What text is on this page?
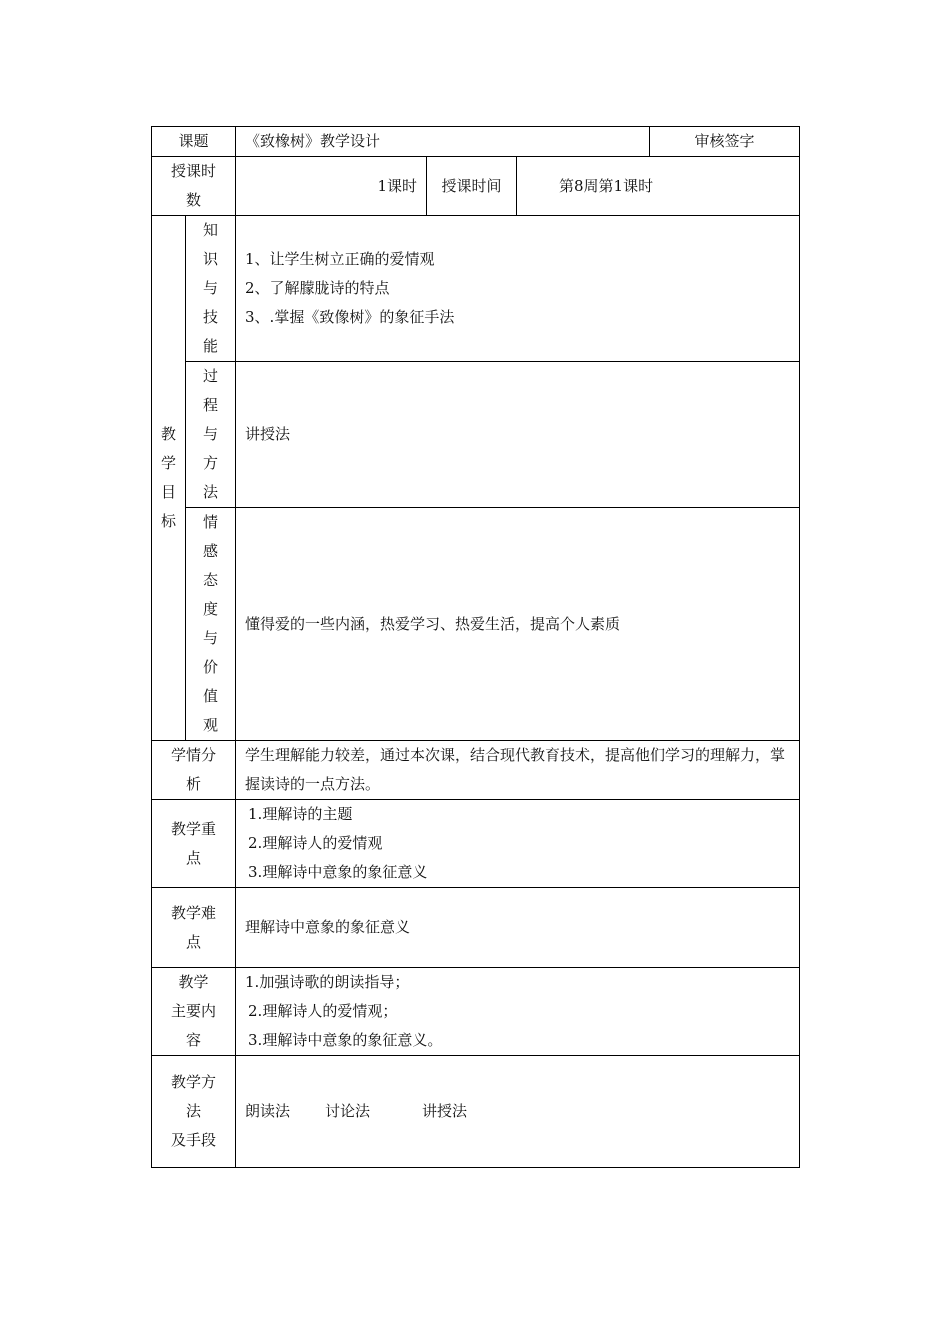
课题		《致橡树》教学设计			审核签字
授课时数		1课时	授课时间	第8周第1课时	

教学目标	知识与技能	1、让学生树立正确的爱情观
2、了解朦胧诗的特点
3、.掌握《致像树》的象征手法			

	过程与方法	讲授法			

	情感态度与价值观	懂得爱的一些内涵，热爱学习、热爱生活，提高个人素质			
学情分析		学生理解能力较差，通过本次课，结合现代教育技术，提高他们学习的理解力，掌握读诗的一点方法。			
教学重点		1.理解诗的主题
2.理解诗人的爱情观
3.理解诗中意象的象征意义			

教学难点		理解诗中意象的象征意义			

教学
主要内容		1.加强诗歌的朗读指导；
2.理解诗人的爱情观；
3.理解诗中意象的象征意义。			

教学方法
及手段		朗读法 讨论法 讲授法			
